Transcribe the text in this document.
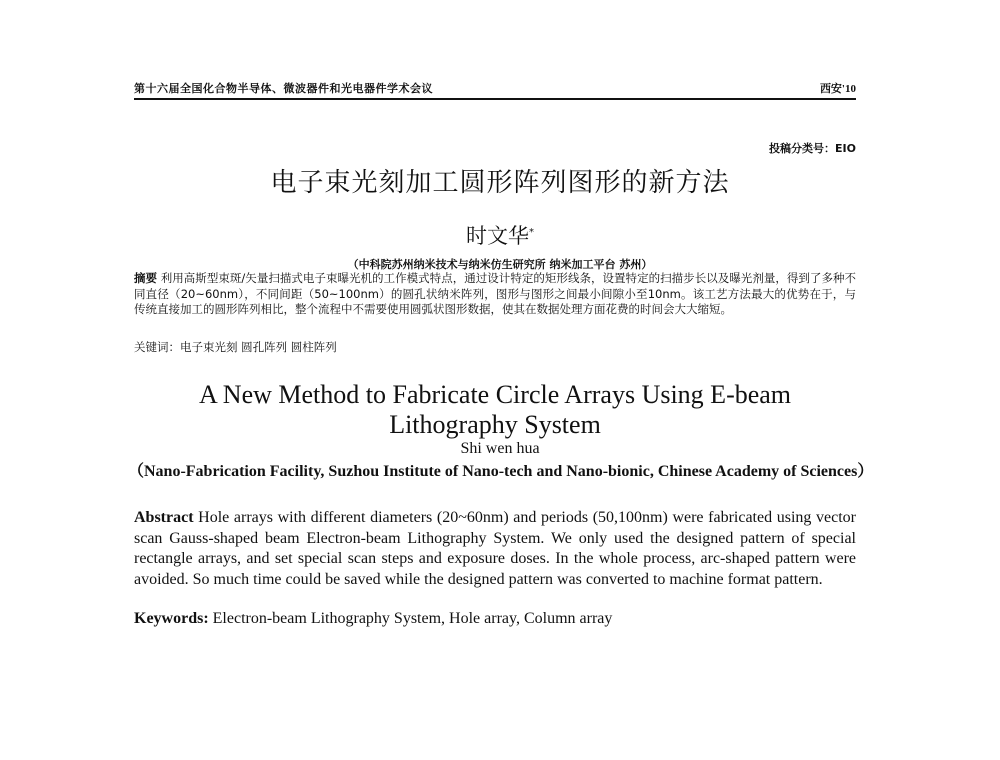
第十六届全国化合物半导体、微波器件和光电器件学术会议	西安'10
投稿分类号：EIO
电子束光刻加工圆形阵列图形的新方法
时文华*
（中科院苏州纳米技术与纳米仿生研究所 纳米加工平台 苏州）
摘要 利用高斯型束斑/矢量扫描式电子束曝光机的工作模式特点，通过设计特定的矩形线条，设置特定的扫描步长以及曝光剂量，得到了多种不同直径（20~60nm），不同间距（50~100nm）的圆孔状纳米阵列，图形与图形之间最小间隙小至10nm。该工艺方法最大的优势在于，与传统直接加工的圆形阵列相比，整个流程中不需要使用圆弧状图形数据，使其在数据处理方面花费的时间会大大缩短。
关键词：电子束光刻 圆孔阵列 圆柱阵列
A New Method to Fabricate Circle Arrays Using E-beam Lithography System
Shi wen hua
（Nano-Fabrication Facility, Suzhou Institute of Nano-tech and Nano-bionic, Chinese Academy of Sciences）
Abstract Hole arrays with different diameters (20~60nm) and periods (50,100nm) were fabricated using vector scan Gauss-shaped beam Electron-beam Lithography System. We only used the designed pattern of special rectangle arrays, and set special scan steps and exposure doses. In the whole process, arc-shaped pattern were avoided. So much time could be saved while the designed pattern was converted to machine format pattern.
Keywords: Electron-beam Lithography System, Hole array, Column array
